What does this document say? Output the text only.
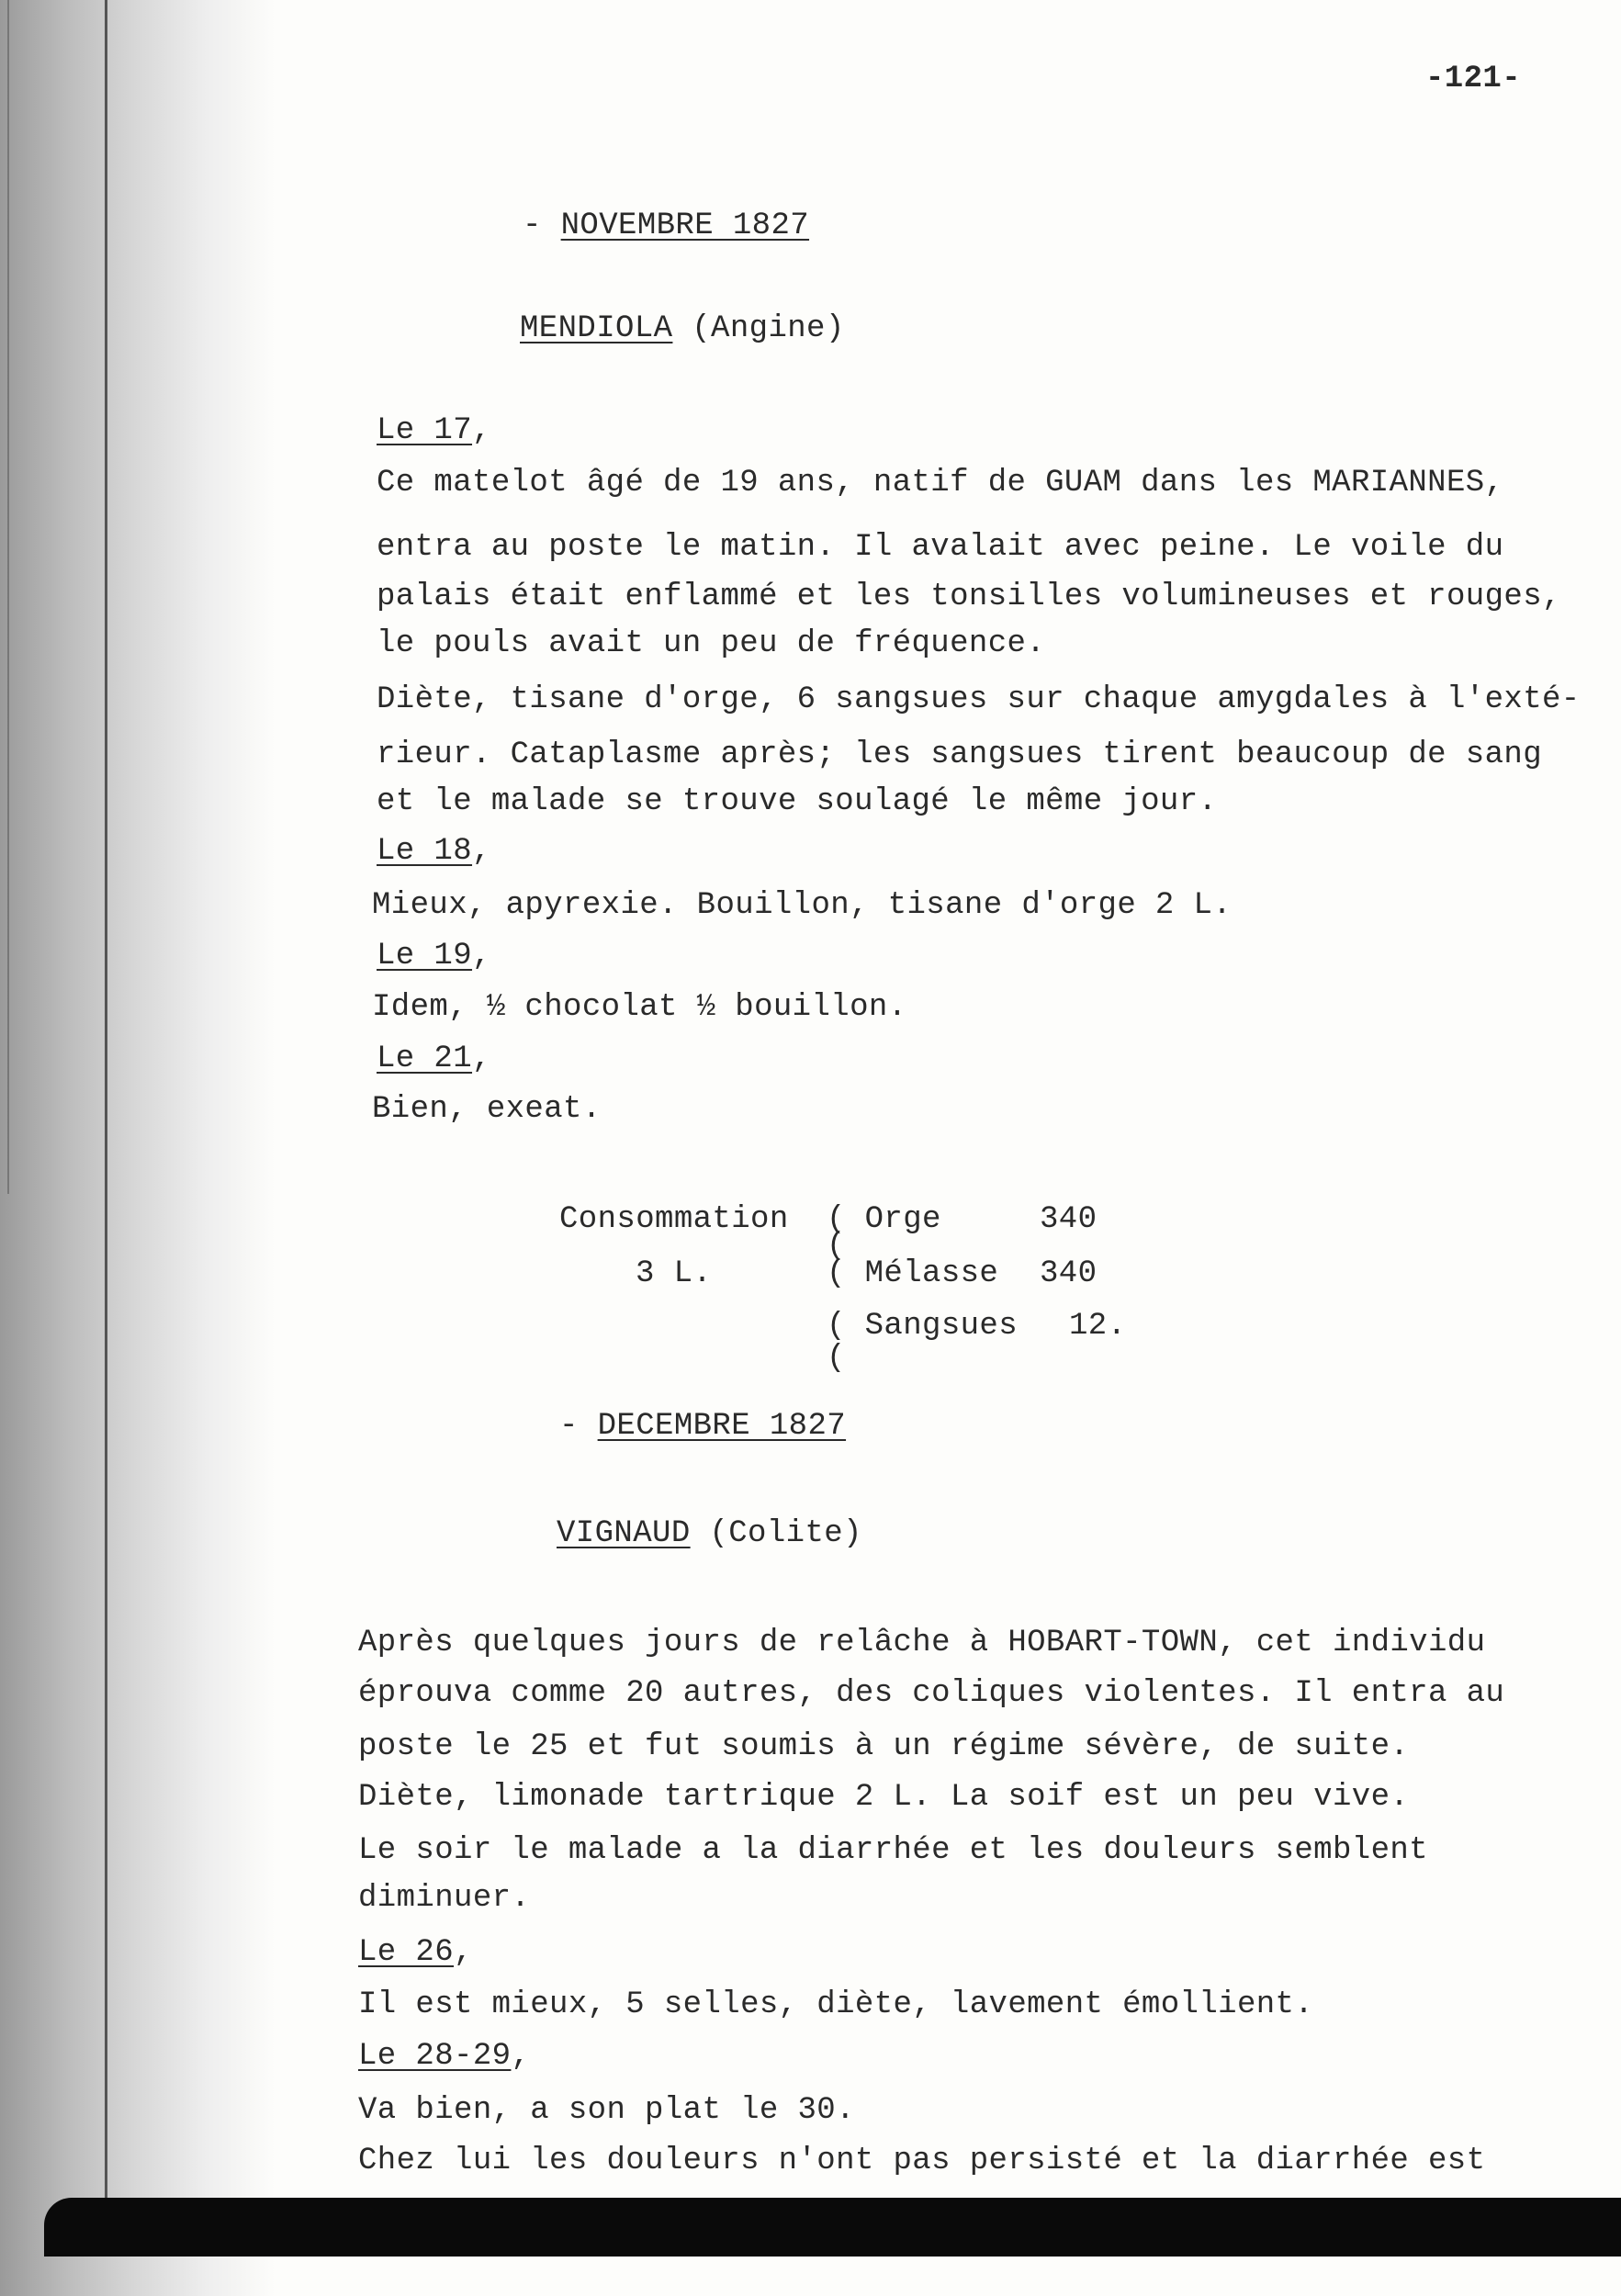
-121-
- NOVEMBRE 1827
MENDIOLA (Angine)
Le 17,
Ce matelot âgé de 19 ans, natif de GUAM dans les MARIANNES,
entra au poste le matin. Il avalait avec peine. Le voile du
palais était enflammé et les tonsilles volumineuses et rouges,
le pouls avait un peu de fréquence.
Diète, tisane d'orge, 6 sangsues sur chaque amygdales à l'exté-
rieur. Cataplasme après; les sangsues tirent beaucoup de sang
et le malade se trouve soulagé le même jour.
Le 18,
Mieux, apyrexie. Bouillon, tisane d'orge 2 L.
Le 19,
Idem, ½ chocolat ½ bouillon.
Le 21,
Bien, exeat.
Consommation
3 L.
( Orge	340
(
( Mélasse 340
( Sangsues 12.
(
- DECEMBRE 1827
VIGNAUD (Colite)
Après quelques jours de relâche à HOBART-TOWN, cet individu
éprouva comme 20 autres, des coliques violentes. Il entra au
poste le 25 et fut soumis à un régime sévère, de suite.
Diète, limonade tartrique 2 L. La soif est un peu vive.
Le soir le malade a la diarrhée et les douleurs semblent
diminuer.
Le 26,
Il est mieux, 5 selles, diète, lavement émollient.
Le 28-29,
Va bien, a son plat le 30.
Chez lui les douleurs n'ont pas persisté et la diarrhée est
